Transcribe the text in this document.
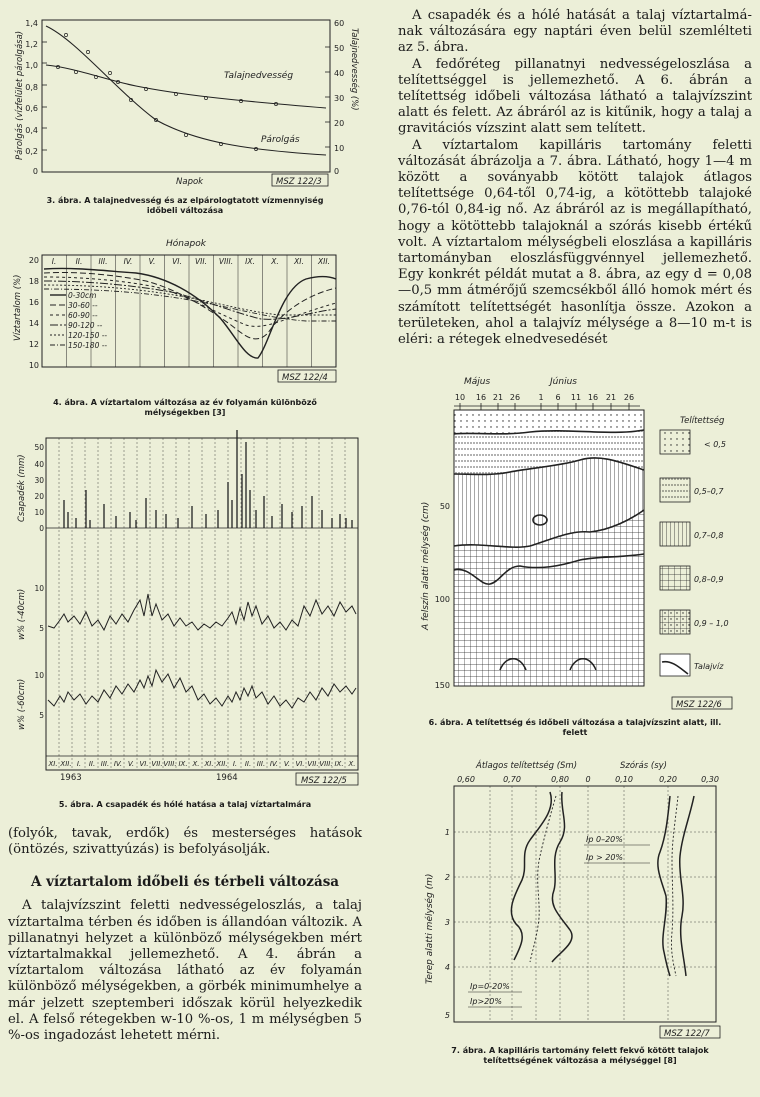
A csapadék és a hólé hatását a talaj víztartalmá-nak változására egy naptári éven belül szemlélteti az 5. ábra.

A fedőréteg pillanatnyi nedvességeloszlása a telítettséggel is jellemezhető. A 6. ábrán a telítettség időbeli változása látható a talajvízszint alatt és felett. Az ábráról az is kitűnik, hogy a talaj a gravitációs vízszint alatt sem telített.

A víztartalom kapilláris tartomány feletti változását ábrázolja a 7. ábra. Látható, hogy 1—4 m között a soványabb kötött talajok átlagos telítettsége 0,64-től 0,74-ig, a kötöttebb talajoké 0,76-tól 0,84-ig nő. Az ábráról az is megállapítható, hogy a kötöttebb talajoknál a szórás kisebb értékű volt. A víztartalom mélységbeli eloszlása a kapilláris tartományban eloszlásfüggvénnyel jellemezhető. Egy konkrét példát mutat a 8. ábra, az egy d = 0,08—0,5 mm átmérőjű szemcsékből álló homok mért és számított telítettségét hasonlítja össze. Azokon a területeken, ahol a talajvíz mélysége a 8—10 m-t is eléri: a rétegek elnedvesedését

1,4
1,2
1,0
0,8
0,6
0,4
0,2
0
60
50
40
30
20
10
0
Párolgás (vízfelület párolgása)	Talajnedvesség (%)
Talajnedvesség
Párolgás
Napok	MSZ 122/3
3. ábra. A talajnedvesség és az elpárologtatott vízmennyiség időbeli változása
Hónapok
I.	II. III. IV. V. VI. VII. VIII. IX. X. XI. XII.
20
18
16
14
12
10
Víztartalom (%)	0-30cm
30-60 --
60-90 --
90-120 --
120-150 --
150-180 --
MSZ 122/4
4. ábra. A víztartalom változása az év folyamán különböző mélységekben [3]
50
40
30
20
10
0
10
5
10
5
Csapadék (mm)
w% (-40cm)
w% (-60cm)
XI. XII. I. II. III. IV. V. VI. VII. VIII. IX. X. XI. XII. I. II. III. IV. V. VI. VII. VIII. IX. X.
1963	1964	MSZ 122/5
5. ábra. A csapadék és hólé hatása a talaj víztartalmára

(folyók, tavak, erdők) és mesterséges hatások (öntözés, szivattyúzás) is befolyásolják.

A víztartalom időbeli és térbeli változása

A talajvízszint feletti nedvességeloszlás, a talaj víztartalma térben és időben is állandóan változik. A pillanatnyi helyzet a különböző mélységekben mért víztartalmakkal jellemezhető. A 4. ábrán a víztartalom változása látható az év folyamán különböző mélységekben, a görbék minimumhelye a már jelzett szeptemberi időszak körül helyezkedik el. A felső rétegekben w-10 %-os, 1 m mélységben 5 %-os ingadozást lehetett mérni.

Május	Június
10 16 21 26 1 6 11 16 21 26
50
100
150
A felszín alatti mélység (cm)
Telítettség
< 0,5
0,5–0,7
0,7–0,8
0,8–0,9
0,9 – 1,0
Talajvíz
MSZ 122/6
6. ábra. A telítettség és időbeli változása a talajvízszint alatt, ill. felett
Átlagos telítettség (Sm)	Szórás (sy)
0,60	0,70	0,80 0	0,10	0,20	0,30
1
2
3
4
5
Terep alatti mélység (m)
Ip 0–20%
Ip > 20%
Ip=0-20%
Ip>20%
MSZ 122/7
7. ábra. A kapilláris tartomány felett fekvő kötött talajok telítettségének változása a mélységgel [8]
